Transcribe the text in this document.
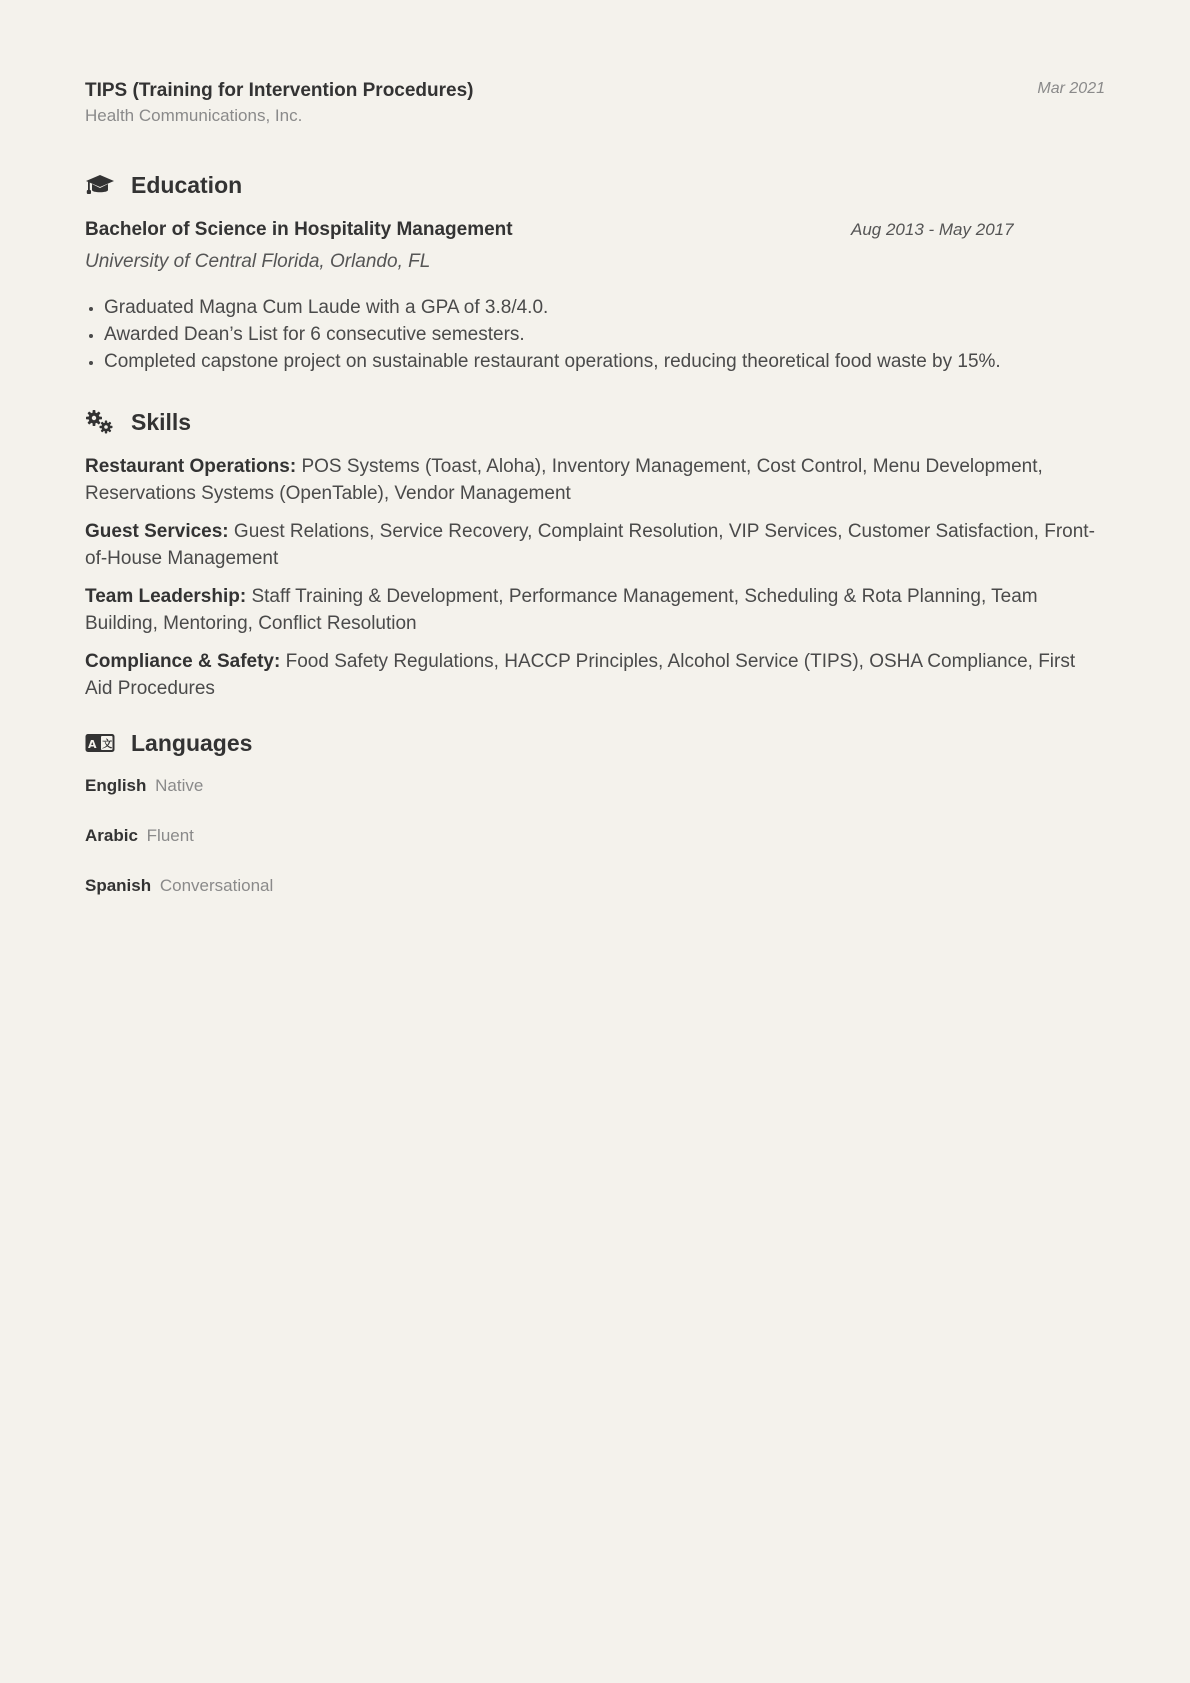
TIPS (Training for Intervention Procedures)
Health Communications, Inc.
Mar 2021
Education
Bachelor of Science in Hospitality Management	Aug 2013 - May 2017
University of Central Florida, Orlando, FL
• Graduated Magna Cum Laude with a GPA of 3.8/4.0.
• Awarded Dean’s List for 6 consecutive semesters.
• Completed capstone project on sustainable restaurant operations, reducing theoretical food waste by 15%.
Skills
Restaurant Operations: POS Systems (Toast, Aloha), Inventory Management, Cost Control, Menu Development, Reservations Systems (OpenTable), Vendor Management
Guest Services: Guest Relations, Service Recovery, Complaint Resolution, VIP Services, Customer Satisfaction, Front-of-House Management
Team Leadership: Staff Training & Development, Performance Management, Scheduling & Rota Planning, Team Building, Mentoring, Conflict Resolution
Compliance & Safety: Food Safety Regulations, HACCP Principles, Alcohol Service (TIPS), OSHA Compliance, First Aid Procedures
A 文 Languages
English Native
Arabic Fluent
Spanish Conversational
